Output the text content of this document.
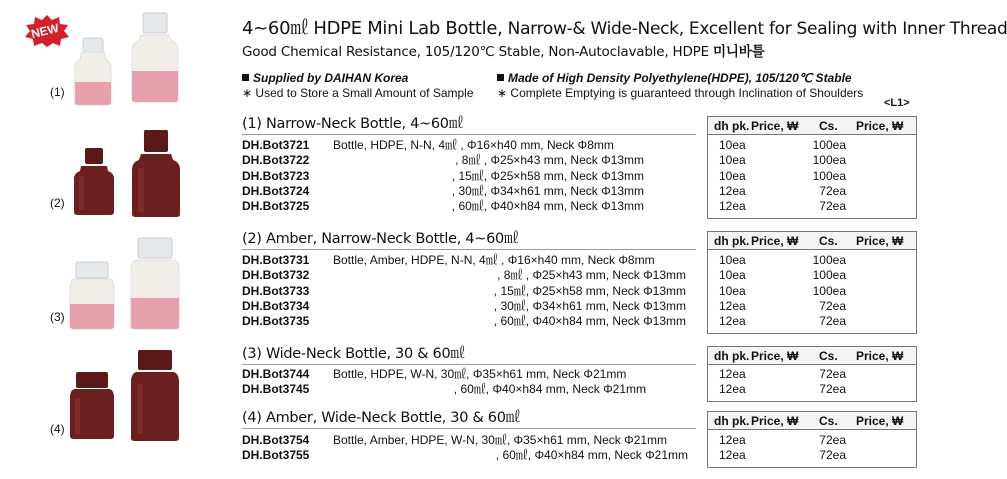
NEW	4~60㎖ HDPE Mini Lab Bottle, Narrow-& Wide-Neck, Excellent for Sealing with Inner Thread
Good Chemical Resistance, 105/120℃ Stable, Non-Autoclavable, HDPE 미니바틀
Supplied by DAIHAN Korea	Made of High Density Polyethylene(HDPE), 105/120℃ Stable
∗ Used to Store a Small Amount of Sample ∗ Complete Emptying is guaranteed through Inclination of Shoulders
<L1>
(1)
(2)
(3)
(4)
(1) Narrow-Neck Bottle, 4~60㎖	dh pk. Price, ₩ Cs. Price, ₩
DH.Bot3721 Bottle, HDPE, N-N, 4㎖ , Φ16×h40 mm, Neck Φ8mm	10ea	100ea
DH.Bot3722	, 8㎖ , Φ25×h43 mm, Neck Φ13mm	10ea	100ea
DH.Bot3723	, 15㎖, Φ25×h58 mm, Neck Φ13mm	10ea	100ea
DH.Bot3724	, 30㎖, Φ34×h61 mm, Neck Φ13mm	12ea	72ea
DH.Bot3725	, 60㎖, Φ40×h84 mm, Neck Φ13mm	12ea	72ea
(2) Amber, Narrow-Neck Bottle, 4~60㎖	dh pk. Price, ₩ Cs. Price, ₩
DH.Bot3731 Bottle, Amber, HDPE, N-N, 4㎖ , Φ16×h40 mm, Neck Φ8mm	10ea	100ea
DH.Bot3732	, 8㎖ , Φ25×h43 mm, Neck Φ13mm	10ea	100ea
DH.Bot3733	, 15㎖, Φ25×h58 mm, Neck Φ13mm	10ea	100ea
DH.Bot3734	, 30㎖, Φ34×h61 mm, Neck Φ13mm	12ea	72ea
DH.Bot3735	, 60㎖, Φ40×h84 mm, Neck Φ13mm	12ea	72ea
(3) Wide-Neck Bottle, 30 & 60㎖	dh pk. Price, ₩ Cs. Price, ₩
DH.Bot3744 Bottle, HDPE, W-N, 30㎖, Φ35×h61 mm, Neck Φ21mm	12ea	72ea
DH.Bot3745	, 60㎖, Φ40×h84 mm, Neck Φ21mm	12ea	72ea
(4) Amber, Wide-Neck Bottle, 30 & 60㎖	dh pk. Price, ₩ Cs. Price, ₩
DH.Bot3754 Bottle, Amber, HDPE, W-N, 30㎖, Φ35×h61 mm, Neck Φ21mm	12ea	72ea
DH.Bot3755	, 60㎖, Φ40×h84 mm, Neck Φ21mm	12ea	72ea
